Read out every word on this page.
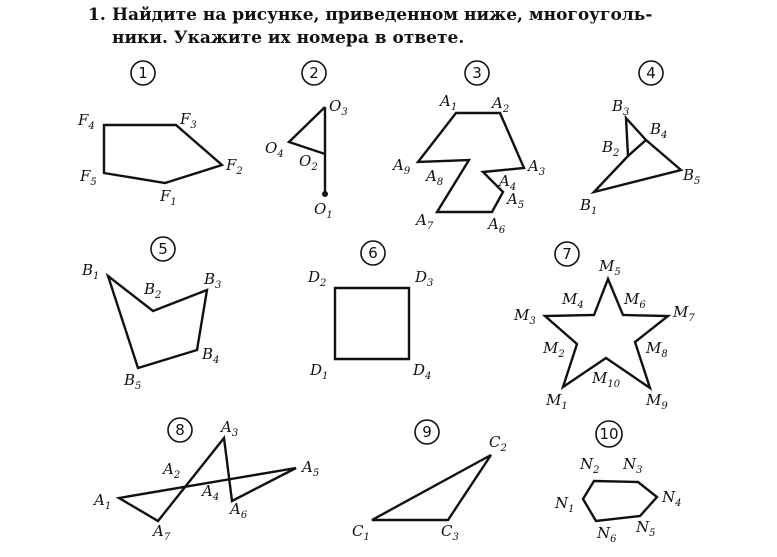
1. Найдите на рисунке, приведенном ниже, многоуголь-
ники. Укажите их номера в ответе.
1
$F_4$	$F_3$
$F_2$
$F_1$
$F_5$
2
$O_3$
$O_4$ $O_2$
$O_1$
3
$A_1$ $A_2$
$A_3$
$A_4$
$A_5$
$A_6$
$A_7$
$A_8$
$A_9$
4
$B_3$
$B_4$
$B_2$
$B_5$
$B_1$
5
$B_1$
$B_2$
$B_3$
$B_4$
$B_5$
6
$D_2$	$D_3$
$D_1$	$D_4$
7
$M_5$
$M_4$	$M_6$
$M_3$
$M_7$
$M_2$	$M_8$
$M_{10}$
$M_1$	$M_9$
8 $A_3$
$A_2$	$A_5$
$A_1$
$A_4$
$A_6$
$A_7$
9
$C_2$
$C_1$	$C_3$
10
$N_2$ $N_3$
$N_1$
$N_4$
$N_6$
$N_5$
